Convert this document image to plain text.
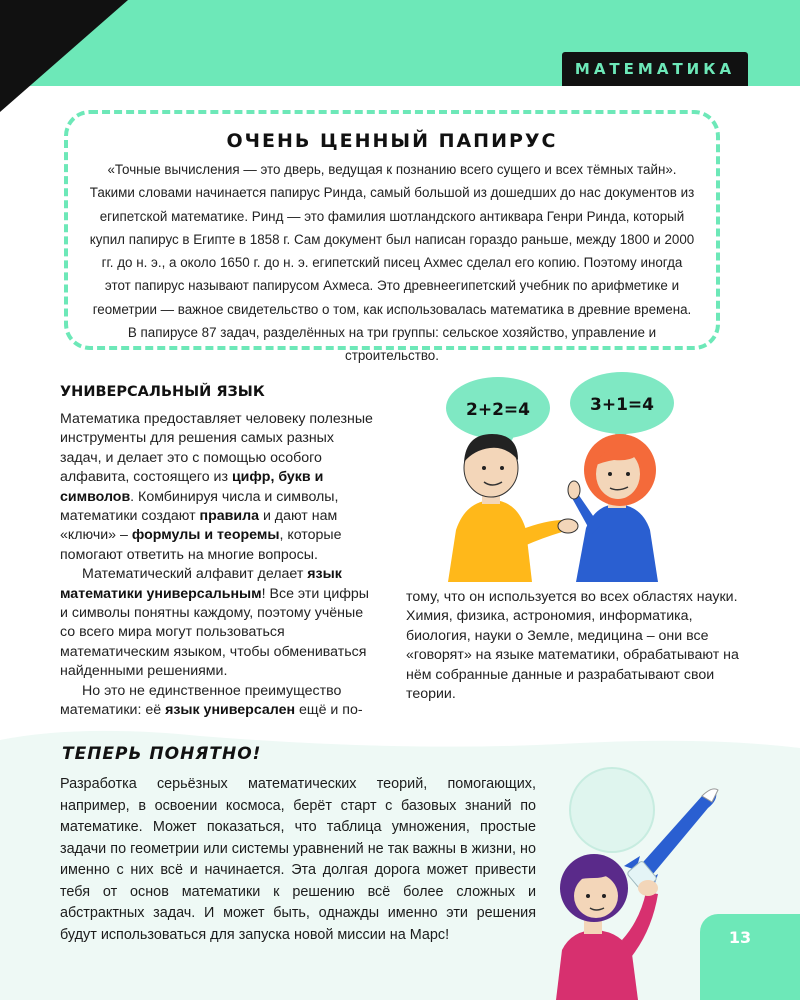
МАТЕМАТИКА
ОЧЕНЬ ЦЕННЫЙ ПАПИРУС

«Точные вычисления — это дверь, ведущая к познанию всего сущего и всех тёмных тайн». Такими словами начинается папирус Ринда, самый большой из дошедших до нас документов из египетской математике. Ринд — это фамилия шотландского антиквара Генри Ринда, который купил папирус в Египте в 1858 г. Сам документ был написан гораздо раньше, между 1800 и 2000 гг. до н. э., а около 1650 г. до н. э. египетский писец Ахмес сделал его копию. Поэтому иногда этот папирус называют папирусом Ахмеса. Это древнеегипетский учебник по арифметике и геометрии — важное свидетельство о том, как использовалась математика в древние времена. В папирусе 87 задач, разделённых на три группы: сельское хозяйство, управление и строительство.

УНИВЕРСАЛЬНЫЙ ЯЗЫК

Математика предоставляет человеку полезные инструменты для решения самых разных задач, и делает это с помощью особого алфавита, состоящего из цифр, букв и символов. Комбинируя числа и символы, математики создают правила и дают нам «ключи» – формулы и теоремы, которые помогают ответить на многие вопросы.

Математический алфавит делает язык математики универсальным! Все эти цифры и символы понятны каждому, поэтому учёные со всего мира могут пользоваться математическим языком, чтобы обмениваться найденными решениями.

Но это не единственное преимущество математики: её язык универсален ещё и по-

тому, что он используется во всех областях науки. Химия, физика, астрономия, информатика, биология, науки о Земле, медицина – они все «говорят» на языке математики, обрабатывают на нём собранные данные и разрабатывают свои теории.

2+2=4	3+1=4
ТЕПЕРЬ ПОНЯТНО!

Разработка серьёзных математических теорий, помогающих, например, в освоении космоса, берёт старт с базовых знаний по математике. Может показаться, что таблица умножения, простые задачи по геометрии или системы уравнений не так важны в жизни, но именно с них всё и начинается. Эта долгая дорога может привести тебя от основ математики к решению всё более сложных и абстрактных задач. И может быть, однажды именно эти решения будут использоваться для запуска новой миссии на Марс!	13
